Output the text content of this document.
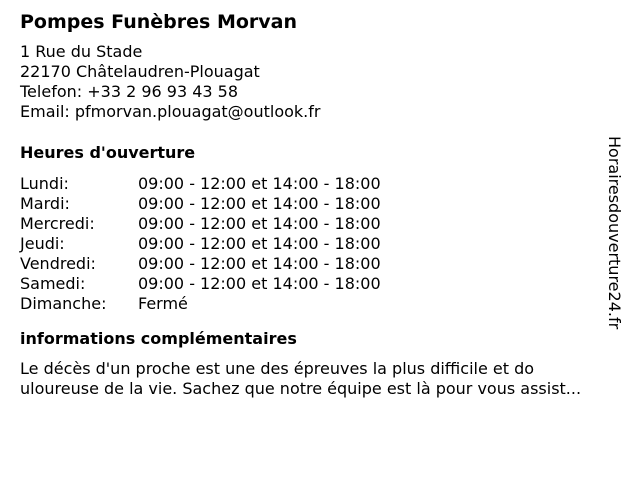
Pompes Funèbres Morvan
1 Rue du Stade
22170 Châtelaudren-Plouagat
Telefon: +33 2 96 93 43 58
Email: pfmorvan.plouagat@outlook.fr
Heures d'ouverture
Lundi:	09:00 - 12:00 et 14:00 - 18:00
Mardi:	09:00 - 12:00 et 14:00 - 18:00
Mercredi:	09:00 - 12:00 et 14:00 - 18:00
Jeudi:	09:00 - 12:00 et 14:00 - 18:00
Vendredi:	09:00 - 12:00 et 14:00 - 18:00
Samedi:	09:00 - 12:00 et 14:00 - 18:00
Dimanche: Fermé
informations complémentaires
Le décès d'un proche est une des épreuves la plus difficile et do
uloureuse de la vie. Sachez que notre équipe est là pour vous assist...
Horairesdouverture24.fr
